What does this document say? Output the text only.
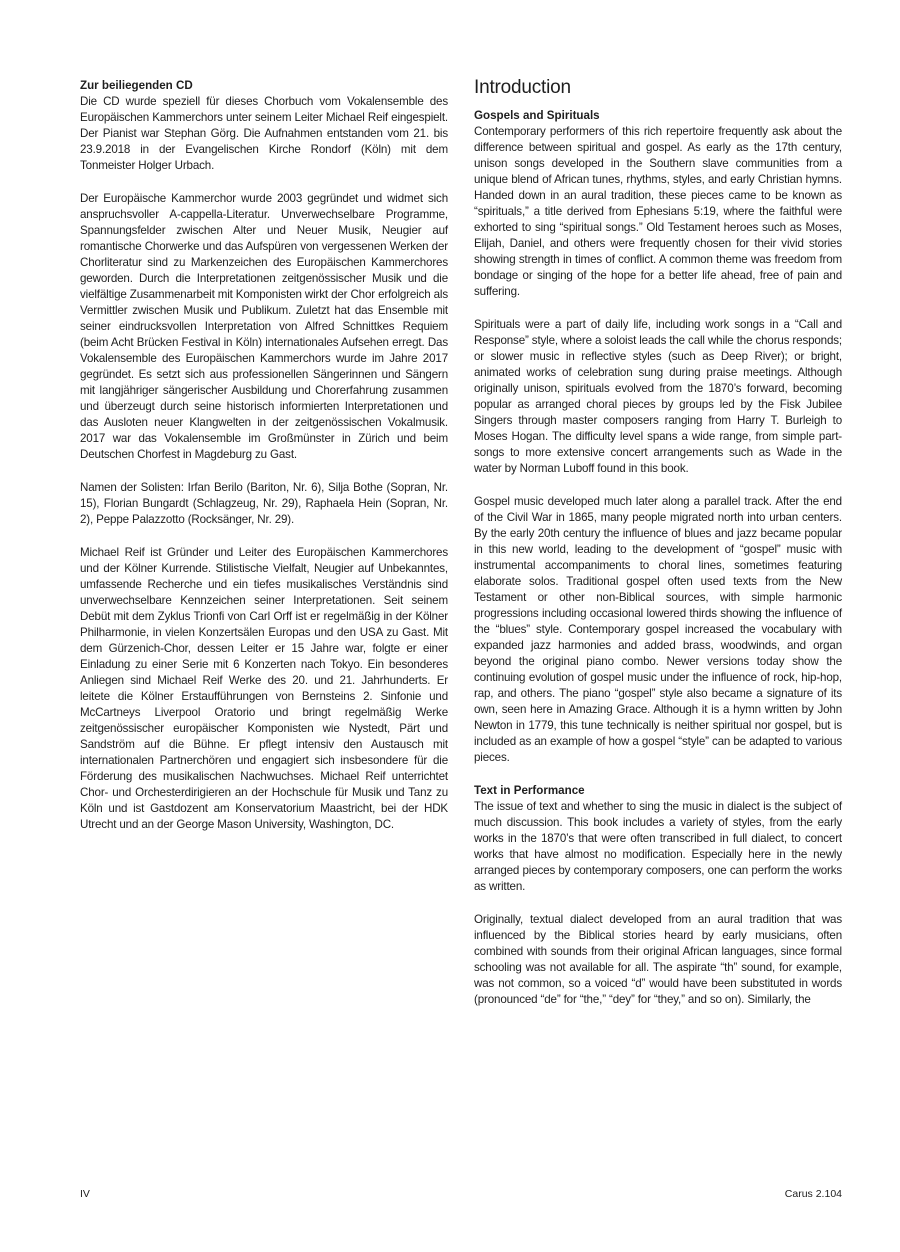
Zur beiliegenden CD

Die CD wurde speziell für dieses Chorbuch vom Vokalensemble des Europäischen Kammerchors unter seinem Leiter Michael Reif eingespielt. Der Pianist war Stephan Görg. Die Aufnahmen entstanden vom 21. bis 23.9.2018 in der Evangelischen Kirche Rondorf (Köln) mit dem Tonmeister Holger Urbach.

Der Europäische Kammerchor wurde 2003 gegründet und widmet sich anspruchsvoller A-cappella-Literatur. Unverwechselbare Programme, Spannungsfelder zwischen Alter und Neuer Musik, Neugier auf romantische Chorwerke und das Aufspüren von vergessenen Werken der Chorliteratur sind zu Markenzeichen des Europäischen Kammerchores geworden. Durch die Interpretationen zeitgenössischer Musik und die vielfältige Zusammenarbeit mit Komponisten wirkt der Chor erfolgreich als Vermittler zwischen Musik und Publikum. Zuletzt hat das Ensemble mit seiner eindrucksvollen Interpretation von Alfred Schnittkes Requiem (beim Acht Brücken Festival in Köln) internationales Aufsehen erregt. Das Vokalensemble des Europäischen Kammerchors wurde im Jahre 2017 gegründet. Es setzt sich aus professionellen Sängerinnen und Sängern mit langjähriger sängerischer Ausbildung und Chorerfahrung zusammen und überzeugt durch seine historisch informierten Interpretationen und das Ausloten neuer Klangwelten in der zeitgenössischen Vokalmusik. 2017 war das Vokalensemble im Großmünster in Zürich und beim Deutschen Chorfest in Magdeburg zu Gast.

Namen der Solisten: Irfan Berilo (Bariton, Nr. 6), Silja Bothe (Sopran, Nr. 15), Florian Bungardt (Schlagzeug, Nr. 29), Raphaela Hein (Sopran, Nr. 2), Peppe Palazzotto (Rocksänger, Nr. 29).

Michael Reif ist Gründer und Leiter des Europäischen Kammerchores und der Kölner Kurrende. Stilistische Vielfalt, Neugier auf Unbekanntes, umfassende Recherche und ein tiefes musikalisches Verständnis sind unverwechselbare Kennzeichen seiner Interpretationen. Seit seinem Debüt mit dem Zyklus Trionfi von Carl Orff ist er regelmäßig in der Kölner Philharmonie, in vielen Konzertsälen Europas und den USA zu Gast. Mit dem Gürzenich-Chor, dessen Leiter er 15 Jahre war, folgte er einer Einladung zu einer Serie mit 6 Konzerten nach Tokyo. Ein besonderes Anliegen sind Michael Reif Werke des 20. und 21. Jahrhunderts. Er leitete die Kölner Erstaufführungen von Bernsteins 2. Sinfonie und McCartneys Liverpool Oratorio und bringt regelmäßig Werke zeitgenössischer europäischer Komponisten wie Nystedt, Pärt und Sandström auf die Bühne. Er pflegt intensiv den Austausch mit internationalen Partnerchören und engagiert sich insbesondere für die Förderung des musikalischen Nachwuchses. Michael Reif unterrichtet Chor- und Orchesterdirigieren an der Hochschule für Musik und Tanz zu Köln und ist Gastdozent am Konservatorium Maastricht, bei der HDK Utrecht und an der George Mason University, Washington, DC.

Introduction

Gospels and Spirituals

Contemporary performers of this rich repertoire frequently ask about the difference between spiritual and gospel. As early as the 17th century, unison songs developed in the Southern slave communities from a unique blend of African tunes, rhythms, styles, and early Christian hymns. Handed down in an aural tradition, these pieces came to be known as “spirituals,” a title derived from Ephesians 5:19, where the faithful were exhorted to sing “spiritual songs.” Old Testament heroes such as Moses, Elijah, Daniel, and others were frequently chosen for their vivid stories showing strength in times of conflict. A common theme was freedom from bondage or singing of the hope for a better life ahead, free of pain and suffering.

Spirituals were a part of daily life, including work songs in a “Call and Response” style, where a soloist leads the call while the chorus responds; or slower music in reflective styles (such as Deep River); or bright, animated works of celebration sung during praise meetings. Although originally unison, spirituals evolved from the 1870’s forward, becoming popular as arranged choral pieces by groups led by the Fisk Jubilee Singers through master composers ranging from Harry T. Burleigh to Moses Hogan. The difficulty level spans a wide range, from simple part-songs to more extensive concert arrangements such as Wade in the water by Norman Luboff found in this book.

Gospel music developed much later along a parallel track. After the end of the Civil War in 1865, many people migrated north into urban centers. By the early 20th century the influence of blues and jazz became popular in this new world, leading to the development of “gospel” music with instrumental accompaniments to choral lines, sometimes featuring elaborate solos. Traditional gospel often used texts from the New Testament or other non-Biblical sources, with simple harmonic progressions including occasional lowered thirds showing the influence of the “blues” style. Contemporary gospel increased the vocabulary with expanded jazz harmonies and added brass, woodwinds, and organ beyond the original piano combo. Newer versions today show the continuing evolution of gospel music under the influence of rock, hip-hop, rap, and others. The piano “gospel” style also became a signature of its own, seen here in Amazing Grace. Although it is a hymn written by John Newton in 1779, this tune technically is neither spiritual nor gospel, but is included as an example of how a gospel “style” can be adapted to various pieces.

Text in Performance

The issue of text and whether to sing the music in dialect is the subject of much discussion. This book includes a variety of styles, from the early works in the 1870’s that were often transcribed in full dialect, to concert works that have almost no modification. Especially here in the newly arranged pieces by contemporary composers, one can perform the works as written.

Originally, textual dialect developed from an aural tradition that was influenced by the Biblical stories heard by early musicians, often combined with sounds from their original African languages, since formal schooling was not available for all. The aspirate “th” sound, for example, was not common, so a voiced “d” would have been substituted in words (pronounced “de” for “the,” “dey” for “they,” and so on). Similarly, the

IV	Carus 2.104
